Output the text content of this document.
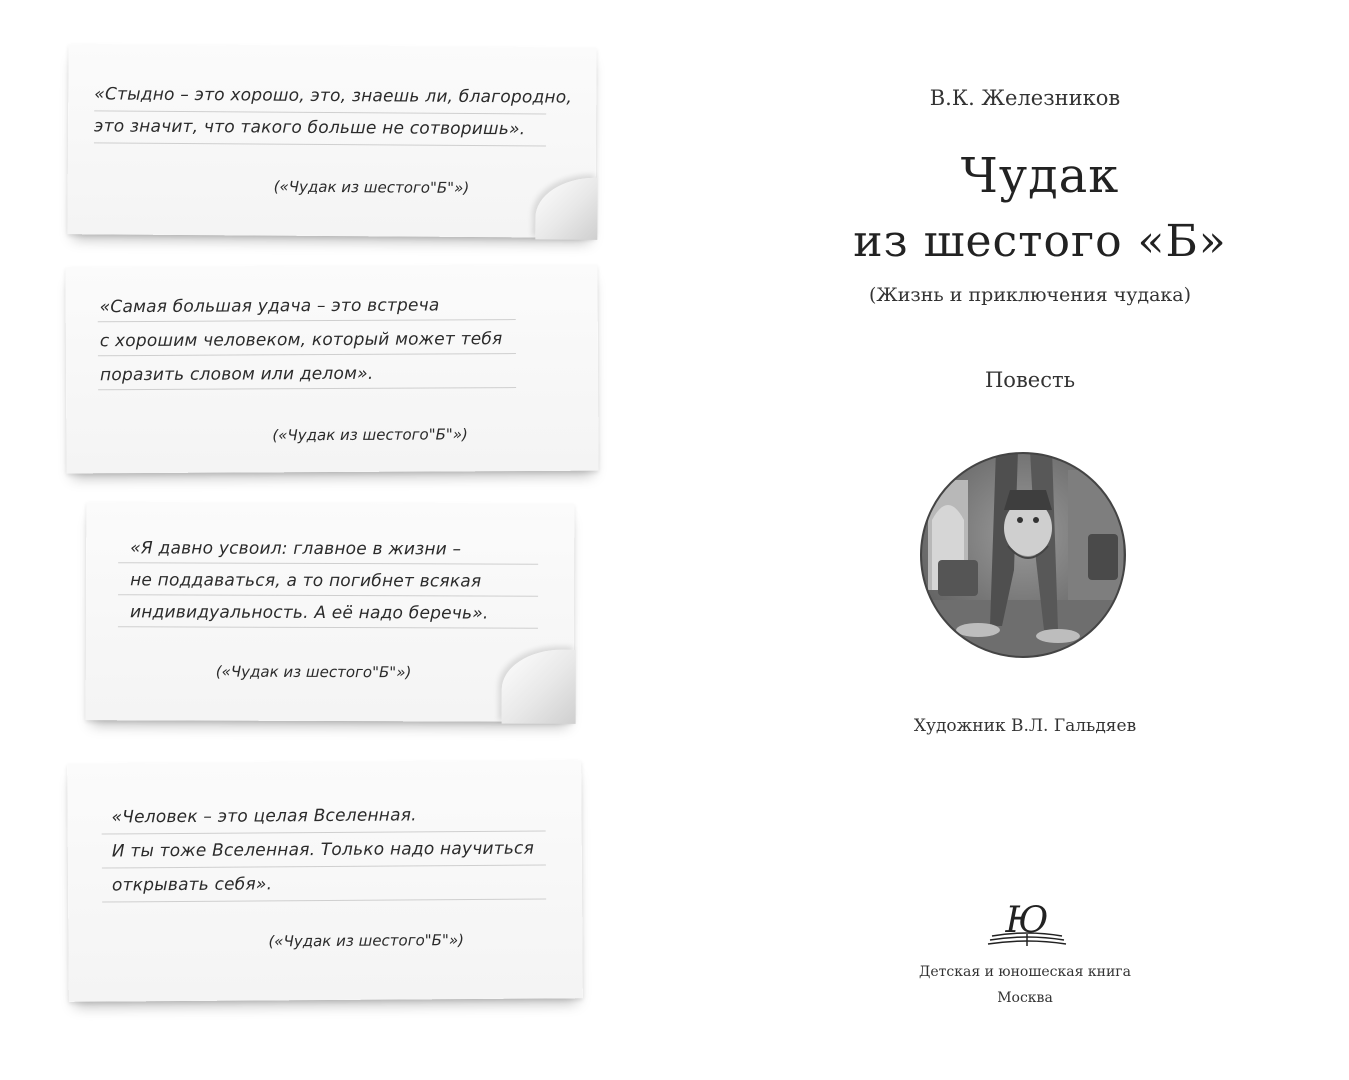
«Стыдно – это хорошо, это, знаешь ли, благородно,
это значит, что такого больше не сотворишь».
(«Чудак из шестого"Б"»)
«Самая большая удача – это встреча
с хорошим человеком, который может тебя
поразить словом или делом».
(«Чудак из шестого"Б"»)
«Я давно усвоил: главное в жизни –
не поддаваться, а то погибнет всякая
индивидуальность. А её надо беречь».
(«Чудак из шестого"Б"»)
«Человек – это целая Вселенная.
И ты тоже Вселенная. Только надо научиться
открывать себя».
(«Чудак из шестого"Б"»)
В.К. Железников
Чудак
из шестого «Б»
(Жизнь и приключения чудака)
Повесть
Художник В.Л. Гальдяев
Ю
Детская и юношеская книга
Москва
